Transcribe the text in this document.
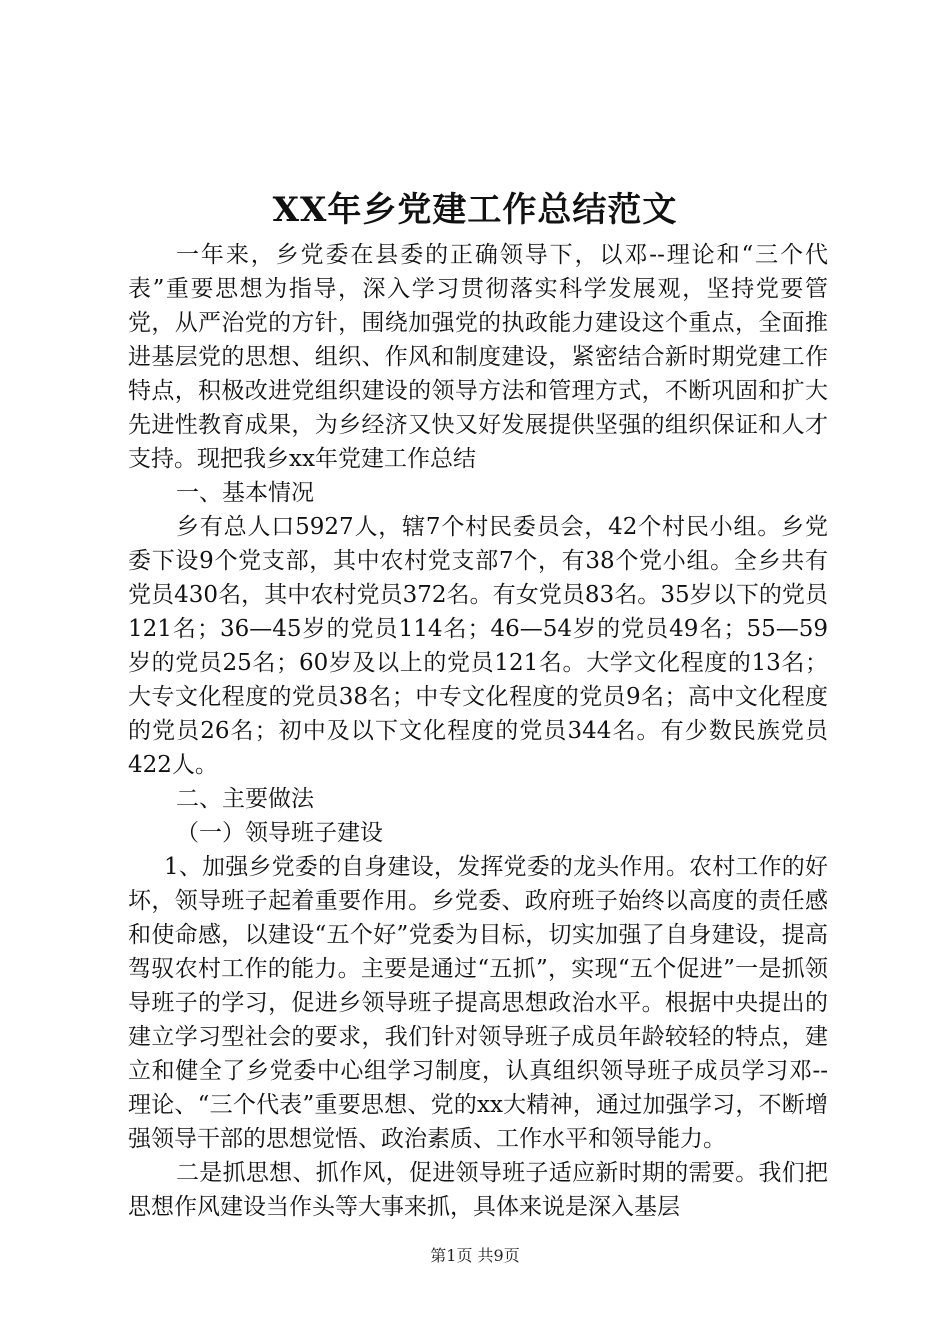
XX年乡党建工作总结范文

一年来，乡党委在县委的正确领导下，以邓--理论和“三个代表”重要思想为指导，深入学习贯彻落实科学发展观，坚持党要管党，从严治党的方针，围绕加强党的执政能力建设这个重点，全面推进基层党的思想、组织、作风和制度建设，紧密结合新时期党建工作特点，积极改进党组织建设的领导方法和管理方式，不断巩固和扩大先进性教育成果，为乡经济又快又好发展提供坚强的组织保证和人才支持。现把我乡xx年党建工作总结

一、基本情况

乡有总人口5927人，辖7个村民委员会，42个村民小组。乡党委下设9个党支部，其中农村党支部7个，有38个党小组。全乡共有党员430名，其中农村党员372名。有女党员83名。35岁以下的党员121名；36—45岁的党员114名；46—54岁的党员49名；55—59岁的党员25名；60岁及以上的党员121名。大学文化程度的13名；大专文化程度的党员38名；中专文化程度的党员9名；高中文化程度的党员26名；初中及以下文化程度的党员344名。有少数民族党员422人。

二、主要做法

（一）领导班子建设

1、加强乡党委的自身建设，发挥党委的龙头作用。农村工作的好坏，领导班子起着重要作用。乡党委、政府班子始终以高度的责任感和使命感，以建设“五个好”党委为目标，切实加强了自身建设，提高驾驭农村工作的能力。主要是通过“五抓”，实现“五个促进”一是抓领导班子的学习，促进乡领导班子提高思想政治水平。根据中央提出的建立学习型社会的要求，我们针对领导班子成员年龄较轻的特点，建立和健全了乡党委中心组学习制度，认真组织领导班子成员学习邓--理论、“三个代表”重要思想、党的xx大精神，通过加强学习，不断增强领导干部的思想觉悟、政治素质、工作水平和领导能力。

二是抓思想、抓作风，促进领导班子适应新时期的需要。我们把思想作风建设当作头等大事来抓，具体来说是深入基层

第1页 共9页
